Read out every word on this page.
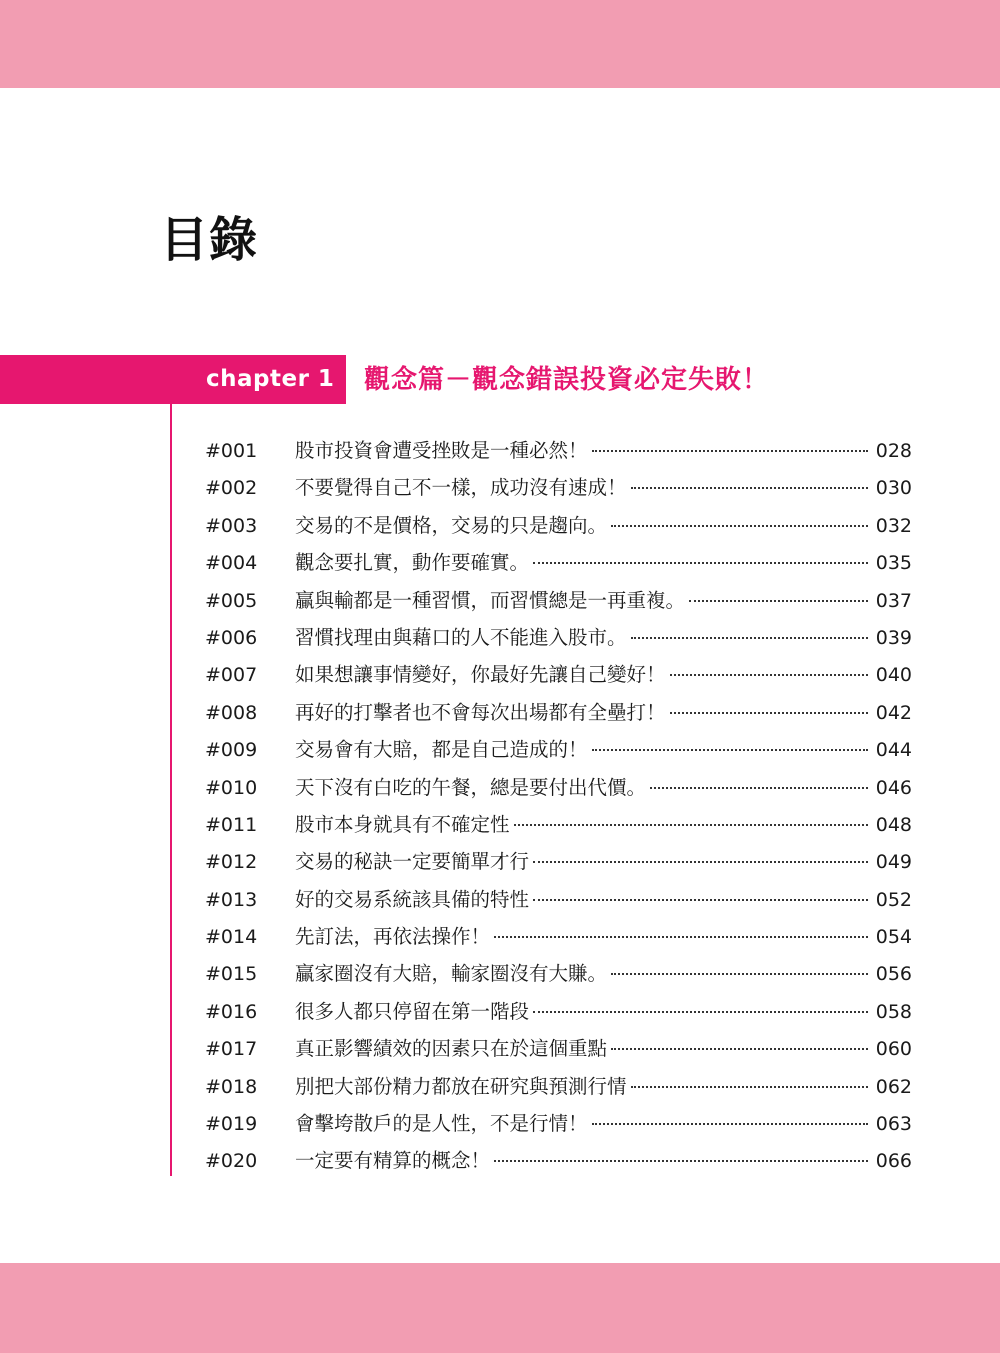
目錄
chapter 1 觀念篇－觀念錯誤投資必定失敗！
#001	股市投資會遭受挫敗是一種必然！	028
#002	不要覺得自己不一樣，成功沒有速成！	030
#003	交易的不是價格，交易的只是趨向。	032
#004	觀念要扎實，動作要確實。	035
#005	贏與輸都是一種習慣，而習慣總是一再重複。	037
#006	習慣找理由與藉口的人不能進入股市。	039
#007	如果想讓事情變好，你最好先讓自己變好！	040
#008	再好的打擊者也不會每次出場都有全壘打！	042
#009	交易會有大賠，都是自己造成的！	044
#010	天下沒有白吃的午餐，總是要付出代價。	046
#011	股市本身就具有不確定性	048
#012	交易的秘訣一定要簡單才行	049
#013	好的交易系統該具備的特性	052
#014	先訂法，再依法操作！	054
#015	贏家圈沒有大賠，輸家圈沒有大賺。	056
#016	很多人都只停留在第一階段	058
#017	真正影響績效的因素只在於這個重點	060
#018	別把大部份精力都放在研究與預測行情	062
#019	會擊垮散戶的是人性，不是行情！	063
#020	一定要有精算的概念！	066
